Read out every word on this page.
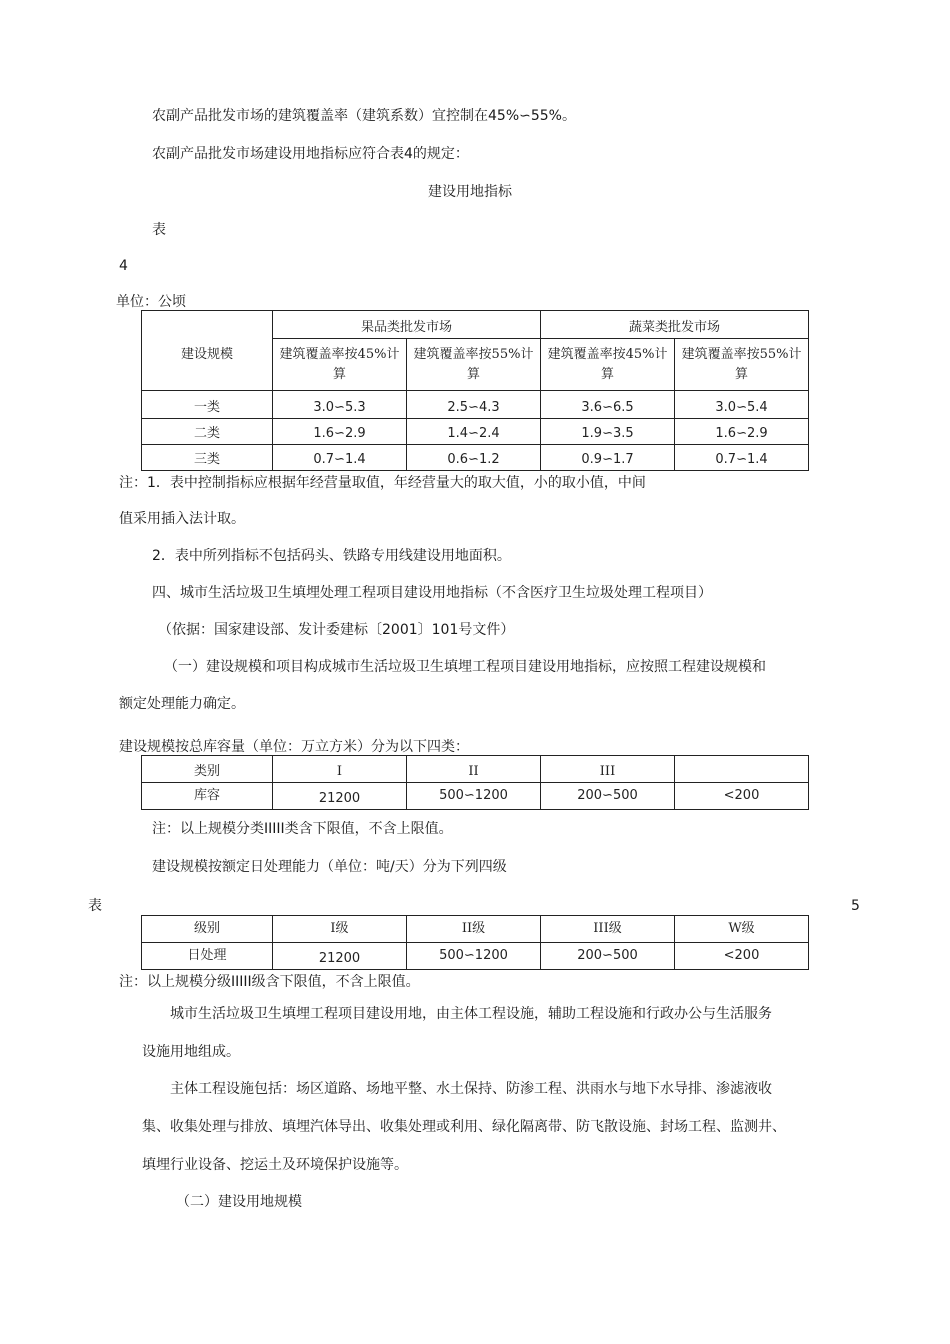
农副产品批发市场的建筑覆盖率（建筑系数）宜控制在45%∽55%。
农副产品批发市场建设用地指标应符合表4的规定：
建设用地指标
表
4
单位：公顷
建设规模	果品类批发市场		蔬菜类批发市场	
	建筑覆盖率按45%计算	建筑覆盖率按55%计算	建筑覆盖率按45%计算	建筑覆盖率按55%计算
一类	3.0∽5.3	2.5∽4.3	3.6∽6.5	3.0∽5.4
二类	1.6∽2.9	1.4∽2.4	1.9∽3.5	1.6∽2.9
三类	0.7∽1.4	0.6∽1.2	0.9∽1.7	0.7∽1.4
注：1．表中控制指标应根据年经营量取值，年经营量大的取大值，小的取小值，中间
值采用插入法计取。
2．表中所列指标不包括码头、铁路专用线建设用地面积。
四、城市生活垃圾卫生填埋处理工程项目建设用地指标（不含医疗卫生垃圾处理工程项目）
（依据：国家建设部、发计委建标〔2001〕101号文件）
（一）建设规模和项目构成城市生活垃圾卫生填埋工程项目建设用地指标，应按照工程建设规模和
额定处理能力确定。
建设规模按总库容量（单位：万立方米）分为以下四类：
类别	I	II	III	
库容	21200	500∽1200	200∽500	<200
注：以上规模分类IIIII类含下限值，不含上限值。
建设规模按额定日处理能力（单位：吨/天）分为下列四级
表	5
级别	I级	II级	III级	W级
日处理	21200	500∽1200	200∽500	<200
注：以上规模分级IIIII级含下限值，不含上限值。
城市生活垃圾卫生填埋工程项目建设用地，由主体工程设施，辅助工程设施和行政办公与生活服务
设施用地组成。
主体工程设施包括：场区道路、场地平整、水土保持、防渗工程、洪雨水与地下水导排、渗滤液收
集、收集处理与排放、填埋汽体导出、收集处理或利用、绿化隔离带、防飞散设施、封场工程、监测井、
填埋行业设备、挖运土及环境保护设施等。
（二）建设用地规模
